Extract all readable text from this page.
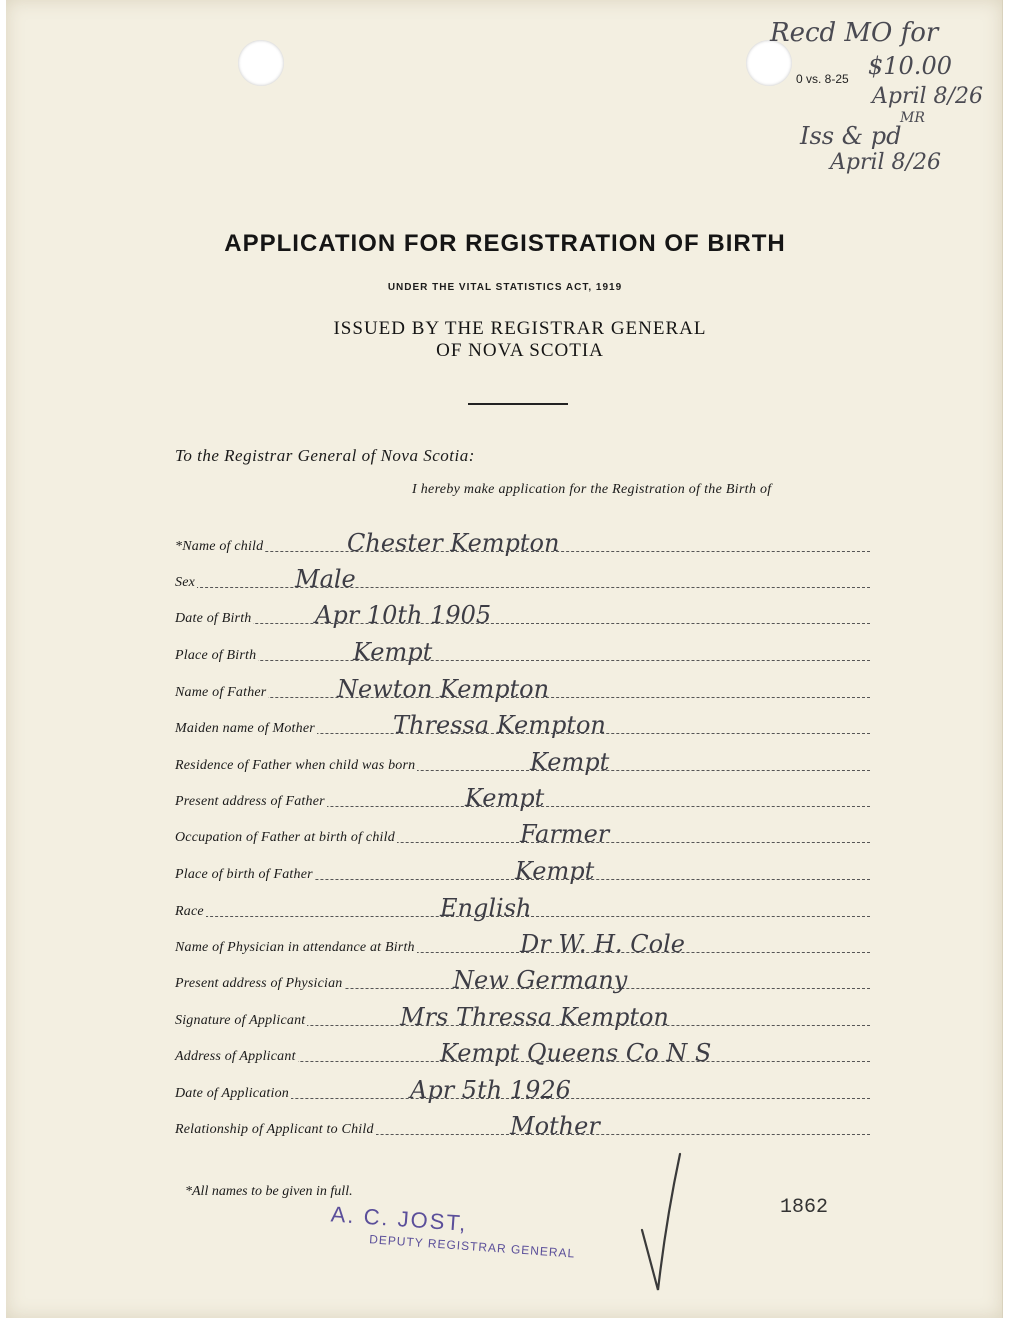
0 vs. 8-25
Recd MO for
$10.00
April 8/26
MR
Iss & pd
April 8/26
APPLICATION FOR REGISTRATION OF BIRTH
UNDER THE VITAL STATISTICS ACT, 1919
ISSUED BY THE REGISTRAR GENERAL
OF NOVA SCOTIA
To the Registrar General of Nova Scotia:
I hereby make application for the Registration of the Birth of
*Name of child	Chester Kempton
Sex	Male
Date of Birth	Apr 10th 1905
Place of Birth	Kempt
Name of Father	Newton Kempton
Maiden name of Mother	Thressa Kempton
Residence of Father when child was born	Kempt
Present address of Father	Kempt
Occupation of Father at birth of child	Farmer
Place of birth of Father	Kempt
Race	English
Name of Physician in attendance at Birth	Dr W. H. Cole
Present address of Physician	New Germany
Signature of Applicant	Mrs Thressa Kempton
Address of Applicant	Kempt Queens Co N S
Date of Application	Apr 5th 1926
Relationship of Applicant to Child	Mother
*All names to be given in full.
A. C. JOST,
DEPUTY REGISTRAR GENERAL
1862
